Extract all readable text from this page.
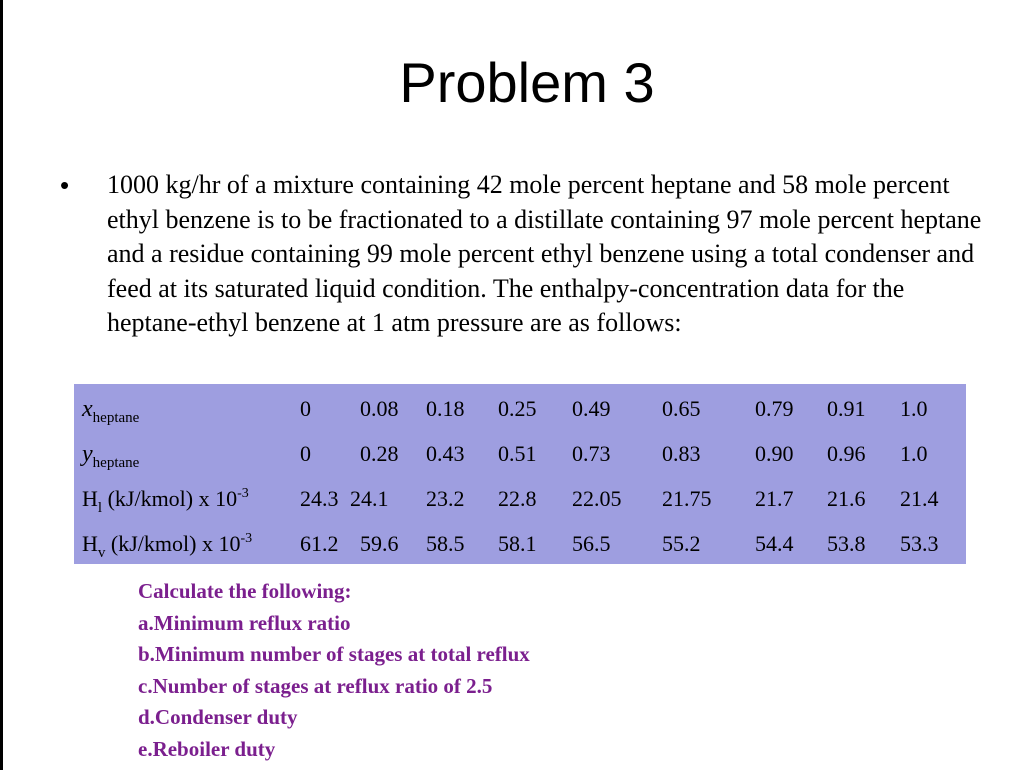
Problem 3
• 1000 kg/hr of a mixture containing 42 mole percent heptane and 58 mole percent ethyl benzene is to be fractionated to a distillate containing 97 mole percent heptane and a residue containing 99 mole percent ethyl benzene using a total condenser and feed at its saturated liquid condition. The enthalpy-concentration data for the heptane-ethyl benzene at 1 atm pressure are as follows:
$x_{heptane}$	0 0.08 0.18 0.25 0.49 0.65 0.79 0.91 1.0
$y_{heptane}$	0 0.28 0.43 0.51 0.73 0.83 0.90 0.96 1.0
$H_l$ (kJ/kmol) x $10^{-3}$ 24.3 24.1 23.2 22.8 22.05 21.75 21.7 21.6 21.4
$H_v$ (kJ/kmol) x $10^{-3}$ 61.2 59.6 58.5 58.1 56.5 55.2 54.4 53.8 53.3
Calculate the following:
a.Minimum reflux ratio
b.Minimum number of stages at total reflux
c.Number of stages at reflux ratio of 2.5
d.Condenser duty
e.Reboiler duty
